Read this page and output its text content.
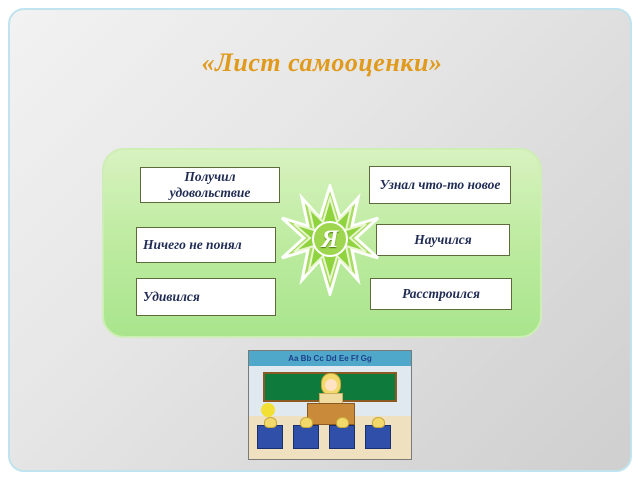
«Лист самооценки»
Получил удовольствие
Ничего не понял
Удивился
Узнал что-то новое
Научился
Расстроился
Я
Aa Bb Cc Dd Ee Ff Gg
